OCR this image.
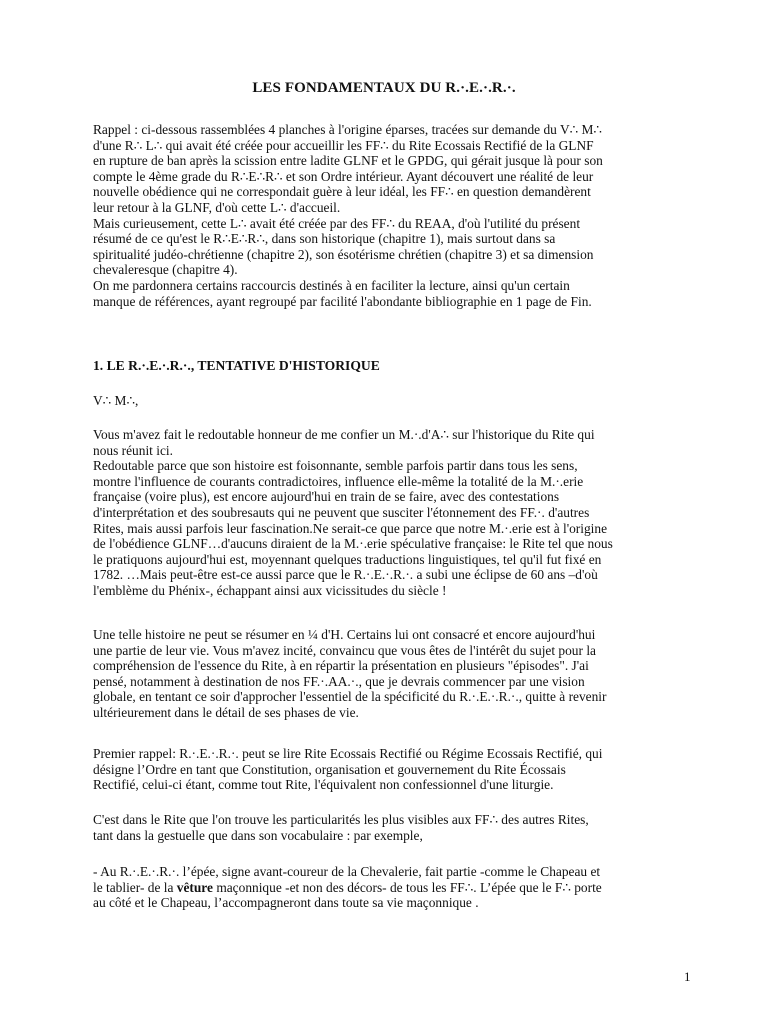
LES FONDAMENTAUX DU R.·.E.·.R.·.
Rappel : ci-dessous rassemblées 4 planches à l'origine éparses, tracées sur demande du V∴ M∴
d'une R∴ L∴ qui avait été créée pour accueillir les FF∴ du Rite Ecossais Rectifié de la GLNF
en rupture de ban après la scission entre ladite GLNF et le GPDG, qui gérait jusque là pour son
compte le 4ème grade du R∴E∴R∴ et son Ordre intérieur. Ayant découvert une réalité de leur
nouvelle obédience qui ne correspondait guère à leur idéal, les FF∴ en question demandèrent
leur retour à la GLNF, d'où cette L∴ d'accueil.
Mais curieusement, cette L∴ avait été créée par des FF∴ du REAA, d'où l'utilité du présent
résumé de ce qu'est le R∴E∴R∴, dans son historique (chapitre 1), mais surtout dans sa
spiritualité judéo-chrétienne (chapitre 2), son ésotérisme chrétien (chapitre 3) et sa dimension
chevaleresque (chapitre 4).
On me pardonnera certains raccourcis destinés à en faciliter la lecture, ainsi qu'un certain
manque de références, ayant regroupé par facilité l'abondante bibliographie en 1 page de Fin.
1. LE R.·.E.·.R.·., TENTATIVE D'HISTORIQUE
V∴ M∴,
Vous m'avez fait le redoutable honneur de me confier un M.·.d'A∴ sur l'historique du Rite qui
nous réunit ici.
Redoutable parce que son histoire est foisonnante, semble parfois partir dans tous les sens,
montre l'influence de courants contradictoires, influence elle-même la totalité de la M.·.erie
française (voire plus), est encore aujourd'hui en train de se faire, avec des contestations
d'interprétation et des soubresauts qui ne peuvent que susciter l'étonnement des FF.·. d'autres
Rites, mais aussi parfois leur fascination.Ne serait-ce que parce que notre M.·.erie est à l'origine
de l'obédience GLNF…d'aucuns diraient de la M.·.erie spéculative française: le Rite tel que nous
le pratiquons aujourd'hui est, moyennant quelques traductions linguistiques, tel qu'il fut fixé en
1782. …Mais peut-être est-ce aussi parce que le R.·.E.·.R.·. a subi une éclipse de 60 ans –d'où
l'emblème du Phénix-, échappant ainsi aux vicissitudes du siècle !
Une telle histoire ne peut se résumer en ¼ d'H. Certains lui ont consacré et encore aujourd'hui
une partie de leur vie. Vous m'avez incité, convaincu que vous êtes de l'intérêt du sujet pour la
compréhension de l'essence du Rite, à en répartir la présentation en plusieurs "épisodes". J'ai
pensé, notamment à destination de nos FF.·.AA.·., que je devrais commencer par une vision
globale, en tentant ce soir d'approcher l'essentiel de la spécificité du R.·.E.·.R.·., quitte à revenir
ultérieurement dans le détail de ses phases de vie.
Premier rappel: R.·.E.·.R.·. peut se lire Rite Ecossais Rectifié ou Régime Ecossais Rectifié, qui
désigne l’Ordre en tant que Constitution, organisation et gouvernement du Rite Écossais
Rectifié, celui-ci étant, comme tout Rite, l'équivalent non confessionnel d'une liturgie.
C'est dans le Rite que l'on trouve les particularités les plus visibles aux FF∴ des autres Rites,
tant dans la gestuelle que dans son vocabulaire : par exemple,
- Au R.·.E.·.R.·. l’épée, signe avant-coureur de la Chevalerie, fait partie -comme le Chapeau et
le tablier- de la vêture maçonnique -et non des décors- de tous les FF∴. L’épée que le F∴ porte
au côté et le Chapeau, l’accompagneront dans toute sa vie maçonnique .
1
